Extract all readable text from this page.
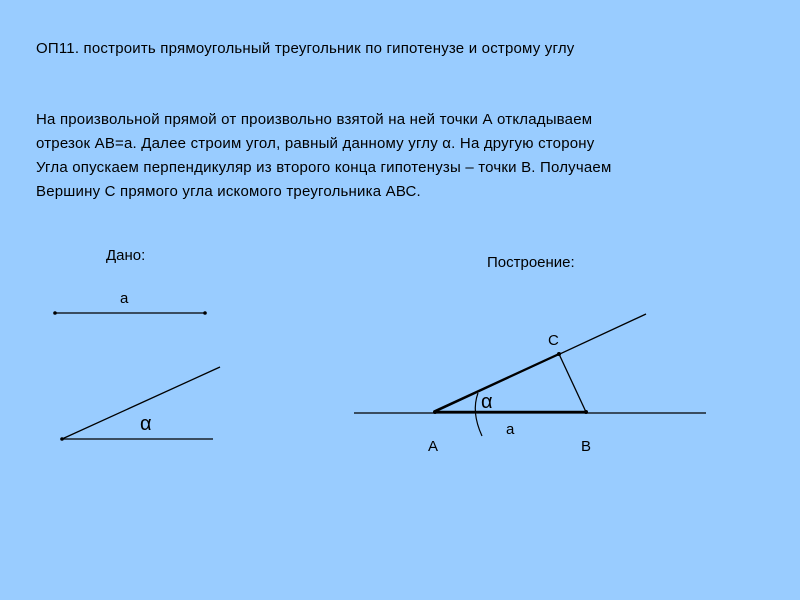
ОП11. построить прямоугольный треугольник по гипотенузе и острому углу
На произвольной прямой от произвольно взятой на ней точки А откладываем
отрезок АВ=а. Далее строим угол, равный данному углу α. На другую сторону
Угла опускаем перпендикуляр из второго конца гипотенузы – точки В. Получаем
Вершину С прямого угла искомого треугольника АВС.
Дано:	Построение:
а
α
А	В
С
а
α
